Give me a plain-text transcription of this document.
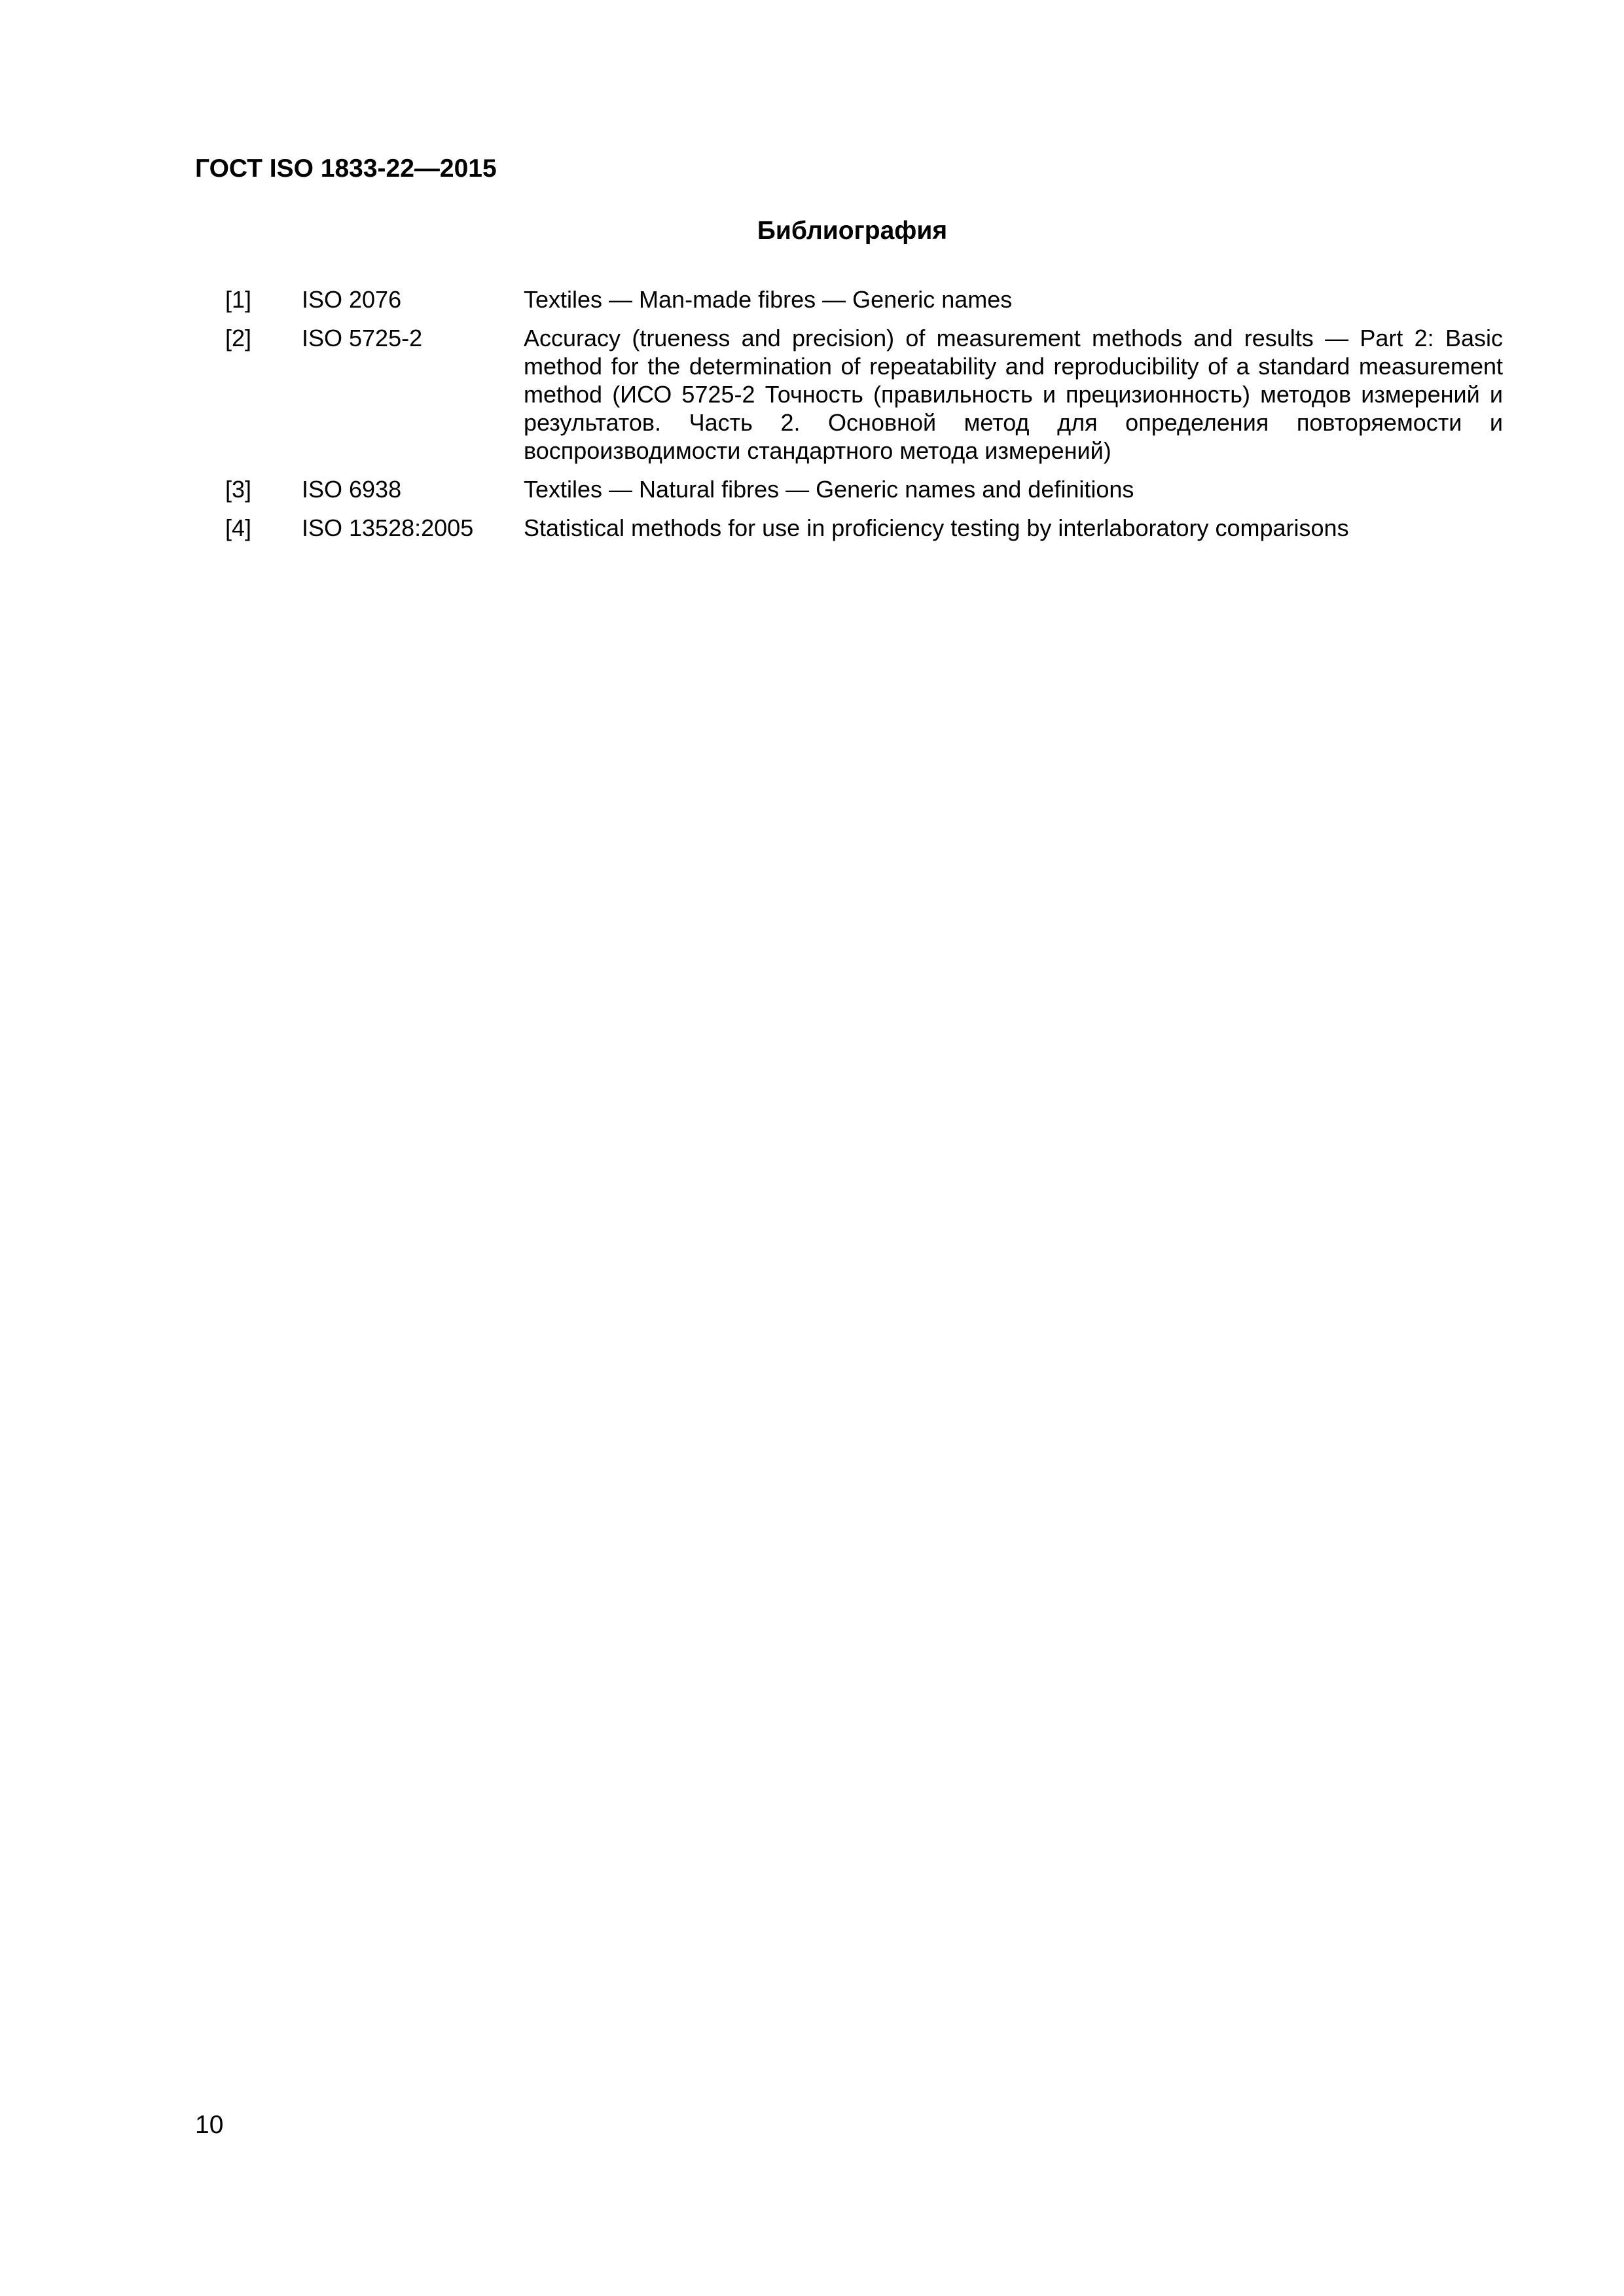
ГОСТ ISO 1833-22—2015
Библиография
[1]	ISO 2076	Textiles — Man-made fibres — Generic names
[2]	ISO 5725-2	Accuracy (trueness and precision) of measurement methods and results — Part 2: Basic method for the determination of repeatability and reproducibility of a standard measurement method (ИСО 5725-2 Точность (правильность и прецизионность) методов измерений и результатов. Часть 2. Основной метод для определения повторяемости и воспроизводимости стандартного метода измерений)
[3]	ISO 6938	Textiles — Natural fibres — Generic names and definitions
[4]	ISO 13528:2005	Statistical methods for use in proficiency testing by interlaboratory comparisons
10
